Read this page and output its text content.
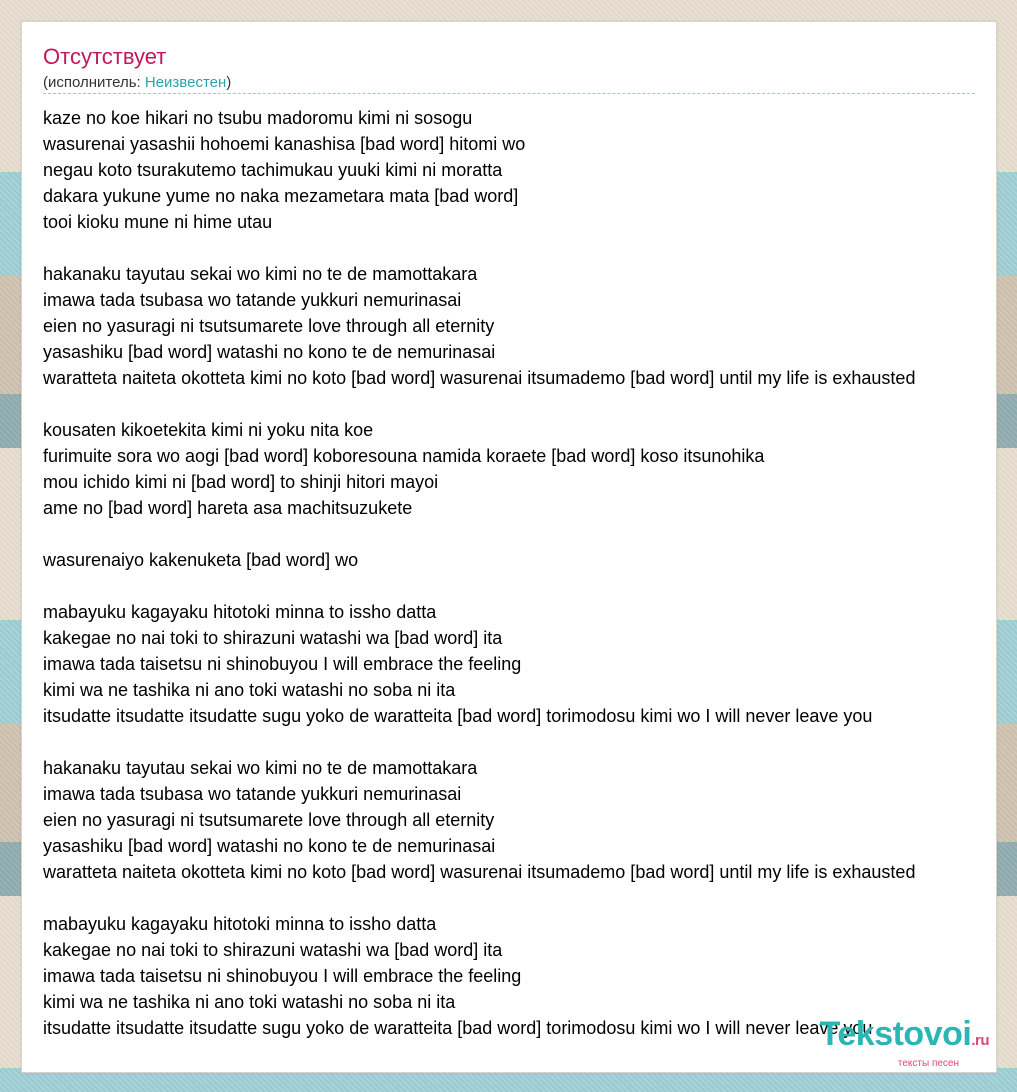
Отсутствует
(исполнитель: Неизвестен)
kaze no koe hikari no tsubu madoromu kimi ni sosogu
wasurenai yasashii hohoemi kanashisa [bad word] hitomi wo
negau koto tsurakutemo tachimukau yuuki kimi ni moratta
dakara yukune yume no naka mezametara mata [bad word]
tooi kioku mune ni hime utau
hakanaku tayutau sekai wo kimi no te de mamottakara
imawa tada tsubasa wo tatande yukkuri nemurinasai
eien no yasuragi ni tsutsumarete love through all eternity
yasashiku [bad word] watashi no kono te de nemurinasai
waratteta naiteta okotteta kimi no koto [bad word] wasurenai itsumademo [bad word] until my life is exhausted
kousaten kikoetekita kimi ni yoku nita koe
furimuite sora wo aogi [bad word] koboresouna namida koraete [bad word] koso itsunohika
mou ichido kimi ni [bad word] to shinji hitori mayoi
ame no [bad word] hareta asa machitsuzukete
wasurenaiyo kakenuketa [bad word] wo
mabayuku kagayaku hitotoki minna to issho datta
kakegae no nai toki to shirazuni watashi wa [bad word] ita
imawa tada taisetsu ni shinobuyou I will embrace the feeling
kimi wa ne tashika ni ano toki watashi no soba ni ita
itsudatte itsudatte itsudatte sugu yoko de waratteita [bad word] torimodosu kimi wo I will never leave you
hakanaku tayutau sekai wo kimi no te de mamottakara
imawa tada tsubasa wo tatande yukkuri nemurinasai
eien no yasuragi ni tsutsumarete love through all eternity
yasashiku [bad word] watashi no kono te de nemurinasai
waratteta naiteta okotteta kimi no koto [bad word] wasurenai itsumademo [bad word] until my life is exhausted
mabayuku kagayaku hitotoki minna to issho datta
kakegae no nai toki to shirazuni watashi wa [bad word] ita
imawa tada taisetsu ni shinobuyou I will embrace the feeling
kimi wa ne tashika ni ano toki watashi no soba ni ita
itsudatte itsudatte itsudatte sugu yoko de waratteita [bad word] torimodosu kimi wo I will never leave you
Tekstovoi.ru
тексты песен
